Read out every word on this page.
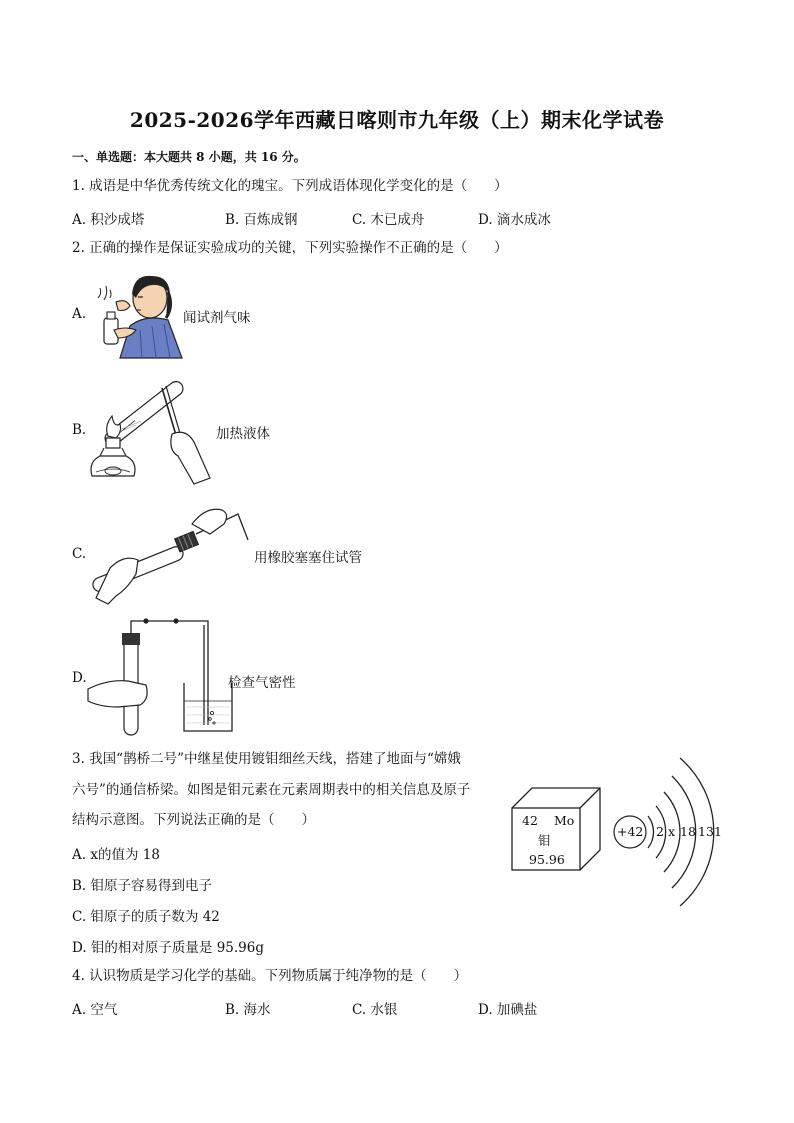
2025-2026学年西藏日喀则市九年级（上）期末化学试卷
一、单选题：本大题共 8 小题，共 16 分。
1. 成语是中华优秀传统文化的瑰宝。下列成语体现化学变化的是（　　）
A. 积沙成塔	B. 百炼成钢	C. 木已成舟	D. 滴水成冰
2. 正确的操作是保证实验成功的关键，下列实验操作不正确的是（　　）
A.	闻试剂气味
B.	加热液体
C.	用橡胶塞塞住试管
D.	检查气密性
3. 我国“鹊桥二号”中继星使用镀钼细丝天线，搭建了地面与“嫦娥
六号”的通信桥梁。如图是钼元素在元素周期表中的相关信息及原子
结构示意图。下列说法正确的是（　　）
A. x的值为 18
B. 钼原子容易得到电子
C. 钼原子的质子数为 42
D. 钼的相对原子质量是 95.96g
42 Mo
钼
95.96
+42 2 x 18 13 1
4. 认识物质是学习化学的基础。下列物质属于纯净物的是（　　）
A. 空气	B. 海水	C. 水银	D. 加碘盐
